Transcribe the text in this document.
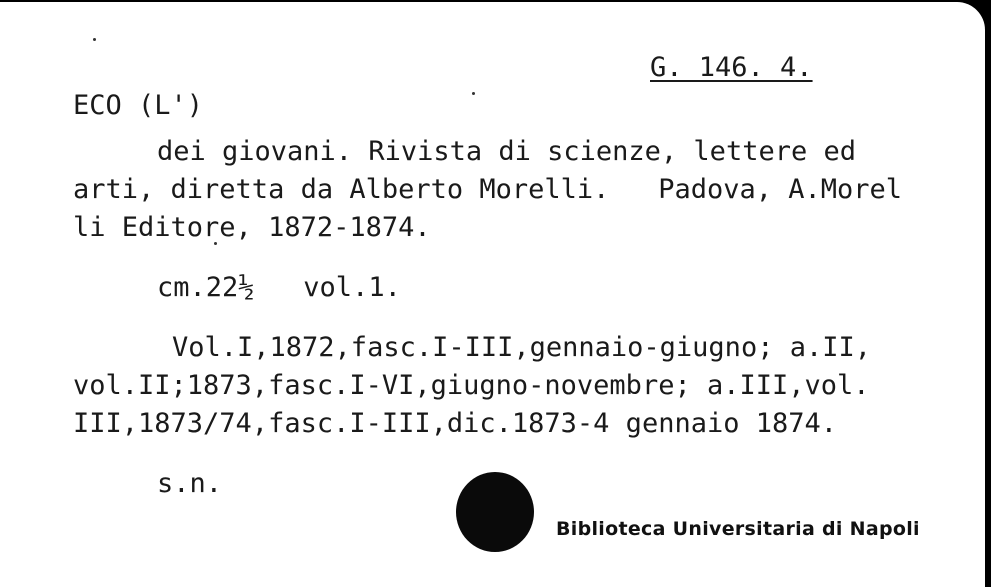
G. 146. 4.
ECO (L')
dei giovani. Rivista di scienze, lettere ed
arti, diretta da Alberto Morelli.   Padova, A.Morel
li Editore, 1872-1874.
cm.22½   vol.1.
Vol.I,1872,fasc.I-III,gennaio-giugno; a.II,
vol.II;1873,fasc.I-VI,giugno-novembre; a.III,vol.
III,1873/74,fasc.I-III,dic.1873-4 gennaio 1874.
s.n.
Biblioteca Universitaria di Napoli
